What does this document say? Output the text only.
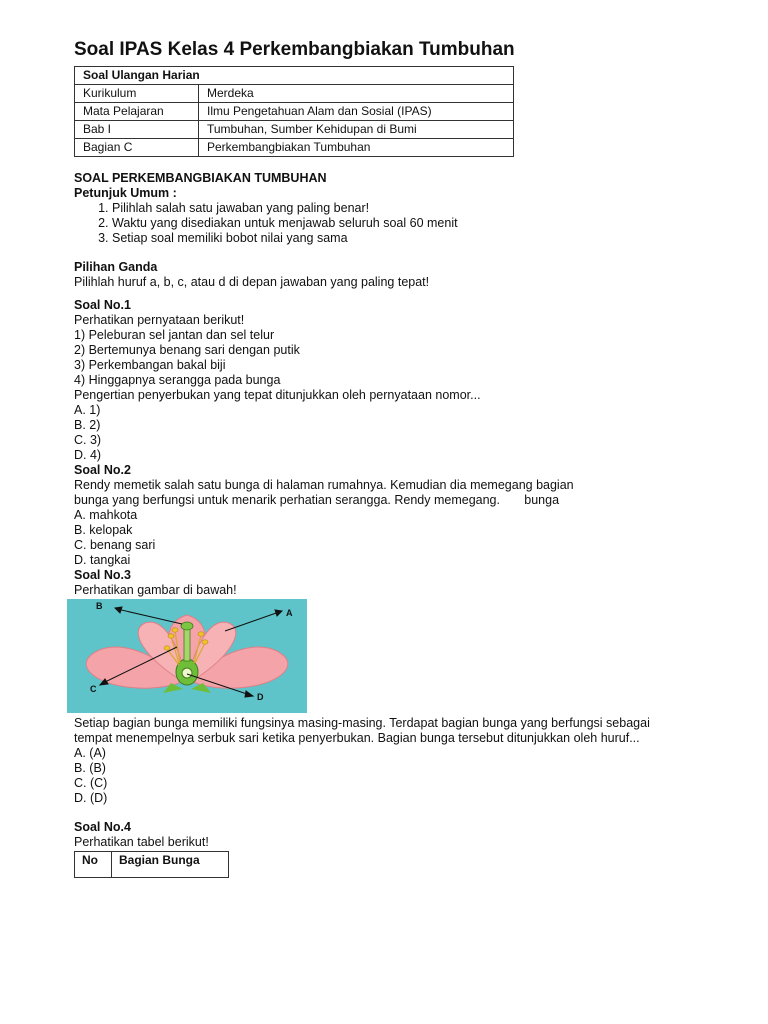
Soal IPAS Kelas 4 Perkembangbiakan Tumbuhan
Soal Ulangan Harian	
Kurikulum	Merdeka
Mata Pelajaran	Ilmu Pengetahuan Alam dan Sosial (IPAS)
Bab I	Tumbuhan, Sumber Kehidupan di Bumi
Bagian C	Perkembangbiakan Tumbuhan
SOAL PERKEMBANGBIAKAN TUMBUHAN
Petunjuk Umum :
1. Pilihlah salah satu jawaban yang paling benar!
2. Waktu yang disediakan untuk menjawab seluruh soal 60 menit
3. Setiap soal memiliki bobot nilai yang sama
Pilihan Ganda
Pilihlah huruf a, b, c, atau d di depan jawaban yang paling tepat!
Soal No.1
Perhatikan pernyataan berikut!
1) Peleburan sel jantan dan sel telur
2) Bertemunya benang sari dengan putik
3) Perkembangan bakal biji
4) Hinggapnya serangga pada bunga
Pengertian penyerbukan yang tepat ditunjukkan oleh pernyataan nomor...
A. 1)
B. 2)
C. 3)
D. 4)
Soal No.2
Rendy memetik salah satu bunga di halaman rumahnya. Kemudian dia memegang bagian
bunga yang berfungsi untuk menarik perhatian serangga. Rendy memegang.       bunga
A. mahkota
B. kelopak
C. benang sari
D. tangkai
Soal No.3
Perhatikan gambar di bawah!
B
A
C
D
Setiap bagian bunga memiliki fungsinya masing-masing. Terdapat bagian bunga yang berfungsi sebagai tempat menempelnya serbuk sari ketika penyerbukan. Bagian bunga tersebut ditunjukkan oleh huruf...
A. (A)
B. (B)
C. (C)
D. (D)
Soal No.4
Perhatikan tabel berikut!
No	Bagian Bunga
